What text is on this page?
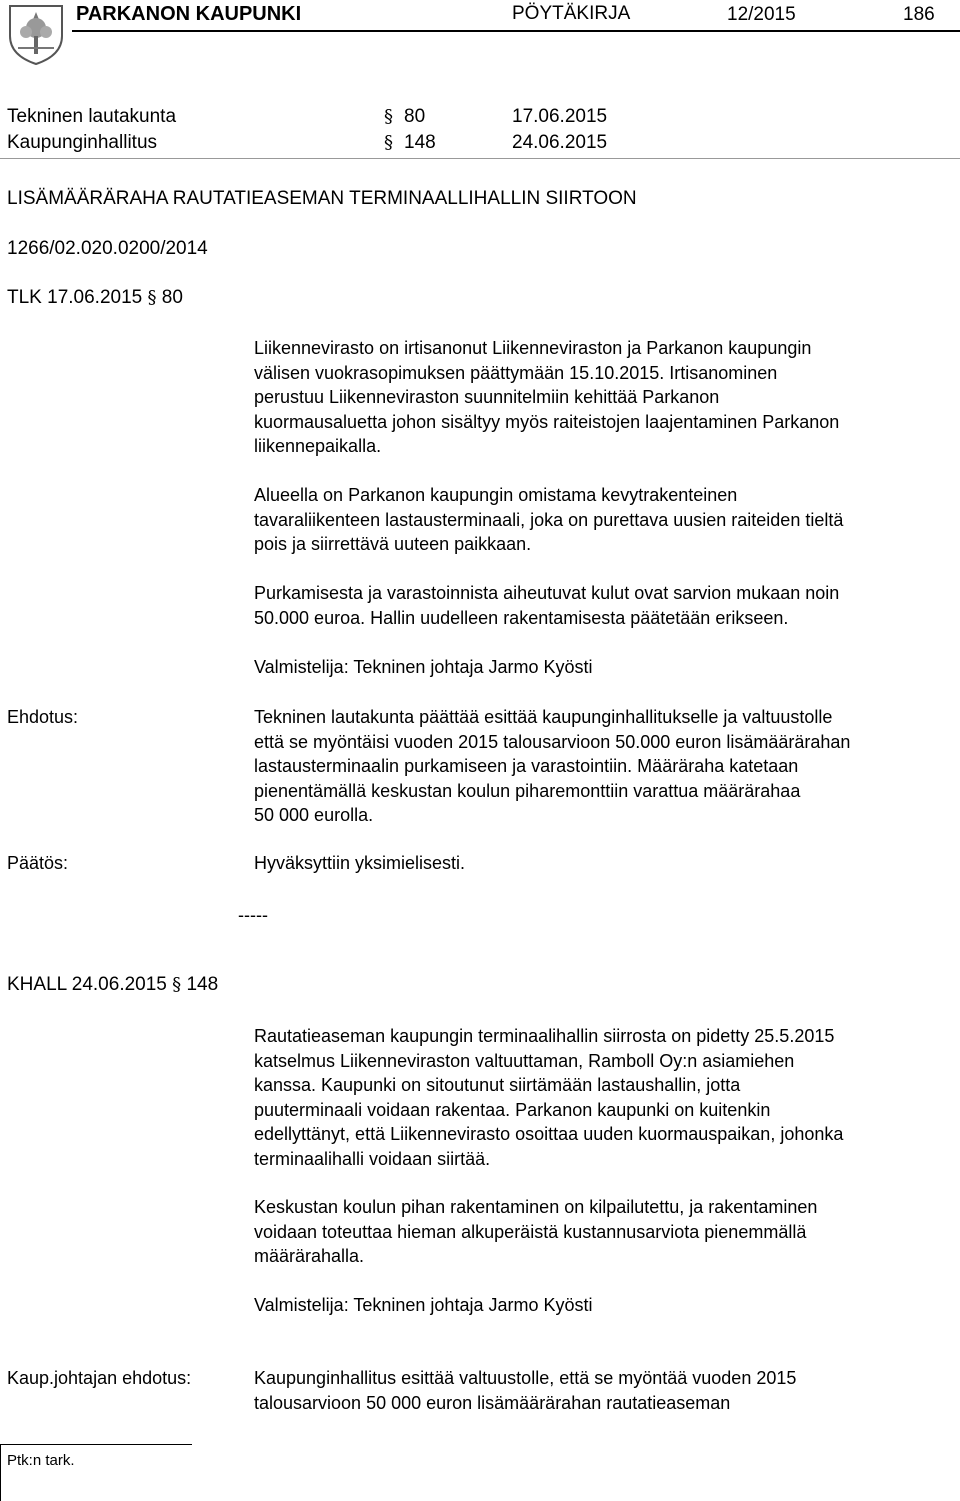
PARKANON KAUPUNKI	PÖYTÄKIRJA	12/2015	186
Tekninen lautakunta	§ 80	17.06.2015
Kaupunginhallitus	§ 148	24.06.2015
LISÄMÄÄRÄRAHA RAUTATIEASEMAN TERMINAALLIHALLIN SIIRTOON
1266/02.020.0200/2014
TLK 17.06.2015 § 80
Liikennevirasto on irtisanonut Liikenneviraston ja Parkanon kaupungin
välisen vuokrasopimuksen päättymään 15.10.2015. Irtisanominen
perustuu Liikenneviraston suunnitelmiin kehittää Parkanon
kuormausaluetta johon sisältyy myös raiteistojen laajentaminen Parkanon
liikennepaikalla.
Alueella on Parkanon kaupungin omistama kevytrakenteinen
tavaraliikenteen lastausterminaali, joka on purettava uusien raiteiden tieltä
pois ja siirrettävä uuteen paikkaan.
Purkamisesta ja varastoinnista aiheutuvat kulut ovat sarvion mukaan noin
50.000 euroa. Hallin uudelleen rakentamisesta päätetään erikseen.
Valmistelija: Tekninen johtaja Jarmo Kyösti
Ehdotus:	Tekninen lautakunta päättää esittää kaupunginhallitukselle ja valtuustolle
että se myöntäisi vuoden 2015 talousarvioon 50.000 euron lisämäärärahan
lastausterminaalin purkamiseen ja varastointiin. Määräraha katetaan
pienentämällä keskustan koulun piharemonttiin varattua määrärahaa
50 000 eurolla.
Päätös:	Hyväksyttiin yksimielisesti.
-----
KHALL 24.06.2015 § 148
Rautatieaseman kaupungin terminaalihallin siirrosta on pidetty 25.5.2015
katselmus Liikenneviraston valtuuttaman, Ramboll Oy:n asiamiehen
kanssa. Kaupunki on sitoutunut siirtämään lastaushallin, jotta
puuterminaali voidaan rakentaa. Parkanon kaupunki on kuitenkin
edellyttänyt, että Liikennevirasto osoittaa uuden kuormauspaikan, johonka
terminaalihalli voidaan siirtää.
Keskustan koulun pihan rakentaminen on kilpailutettu, ja rakentaminen
voidaan toteuttaa hieman alkuperäistä kustannusarviota pienemmällä
määrärahalla.
Valmistelija: Tekninen johtaja Jarmo Kyösti
Kaup.johtajan ehdotus:	Kaupunginhallitus esittää valtuustolle, että se myöntää vuoden 2015
talousarvioon 50 000 euron lisämäärärahan rautatieaseman
Ptk:n tark.
